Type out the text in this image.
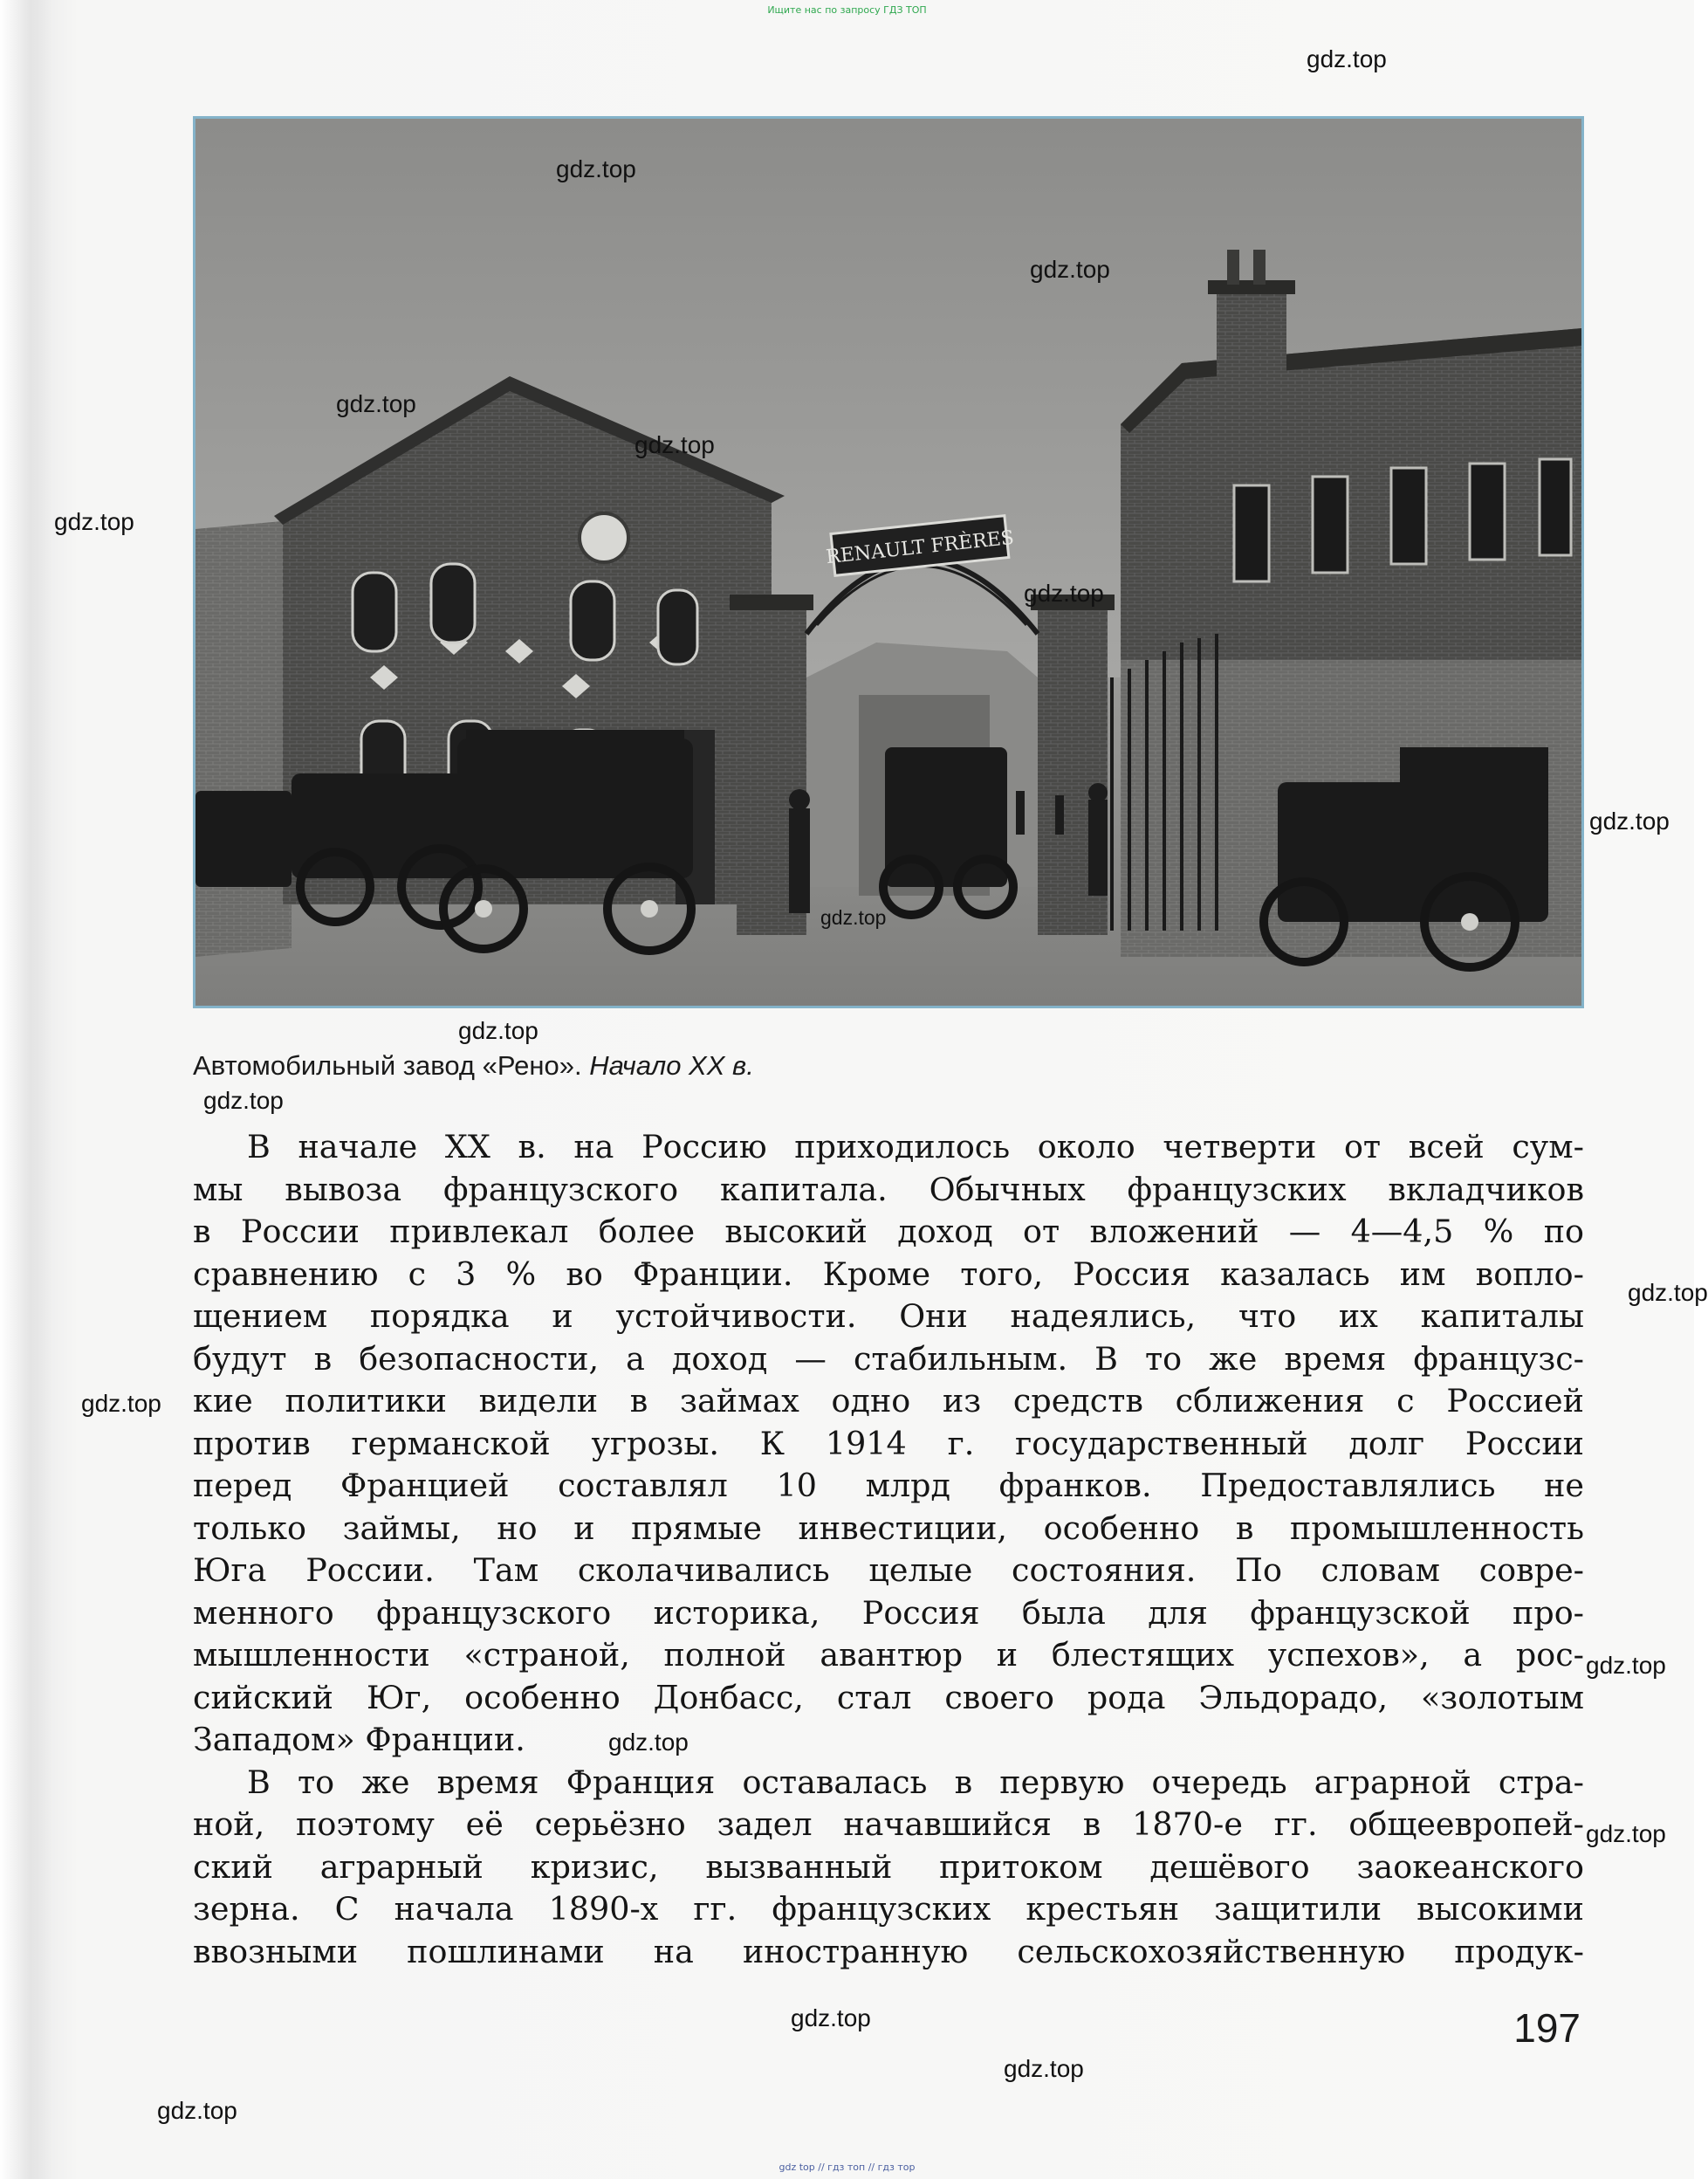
Ищите нас по запросу ГДЗ ТОП
RENAULT FRÈRES
Автомобильный завод «Рено». Начало XX в.
В начале XX в. на Россию приходилось около четверти от всей сум-
мы вывоза французского капитала. Обычных французских вкладчиков
в России привлекал более высокий доход от вложений — 4—4,5 % по
сравнению с 3 % во Франции. Кроме того, Россия казалась им вопло-
щением порядка и устойчивости. Они надеялись, что их капиталы
будут в безопасности, а доход — стабильным. В то же время французс-
кие политики видели в займах одно из средств сближения с Россией
против германской угрозы. К 1914 г. государственный долг России
перед Францией составлял 10 млрд франков. Предоставлялись не
только займы, но и прямые инвестиции, особенно в промышленность
Юга России. Там сколачивались целые состояния. По словам совре-
менного французского историка, Россия была для французской про-
мышленности «страной, полной авантюр и блестящих успехов», а рос-
сийский Юг, особенно Донбасс, стал своего рода Эльдорадо, «золотым
Западом» Франции.
В то же время Франция оставалась в первую очередь аграрной стра-
ной, поэтому её серьёзно задел начавшийся в 1870-е гг. общеевропей-
ский аграрный кризис, вызванный притоком дешёвого заокеанского
зерна. С начала 1890-х гг. французских крестьян защитили высокими
ввозными пошлинами на иностранную сельскохозяйственную продук-
197
gdz top // гдз топ // гдз тор
gdz.top
gdz.top
gdz.top
gdz.top
gdz.top
gdz.top
gdz.top
gdz.top
gdz.top
gdz.top
gdz.top
gdz.top
gdz.top
gdz.top
gdz.top
gdz.top
gdz.top
gdz.top
gdz.top
